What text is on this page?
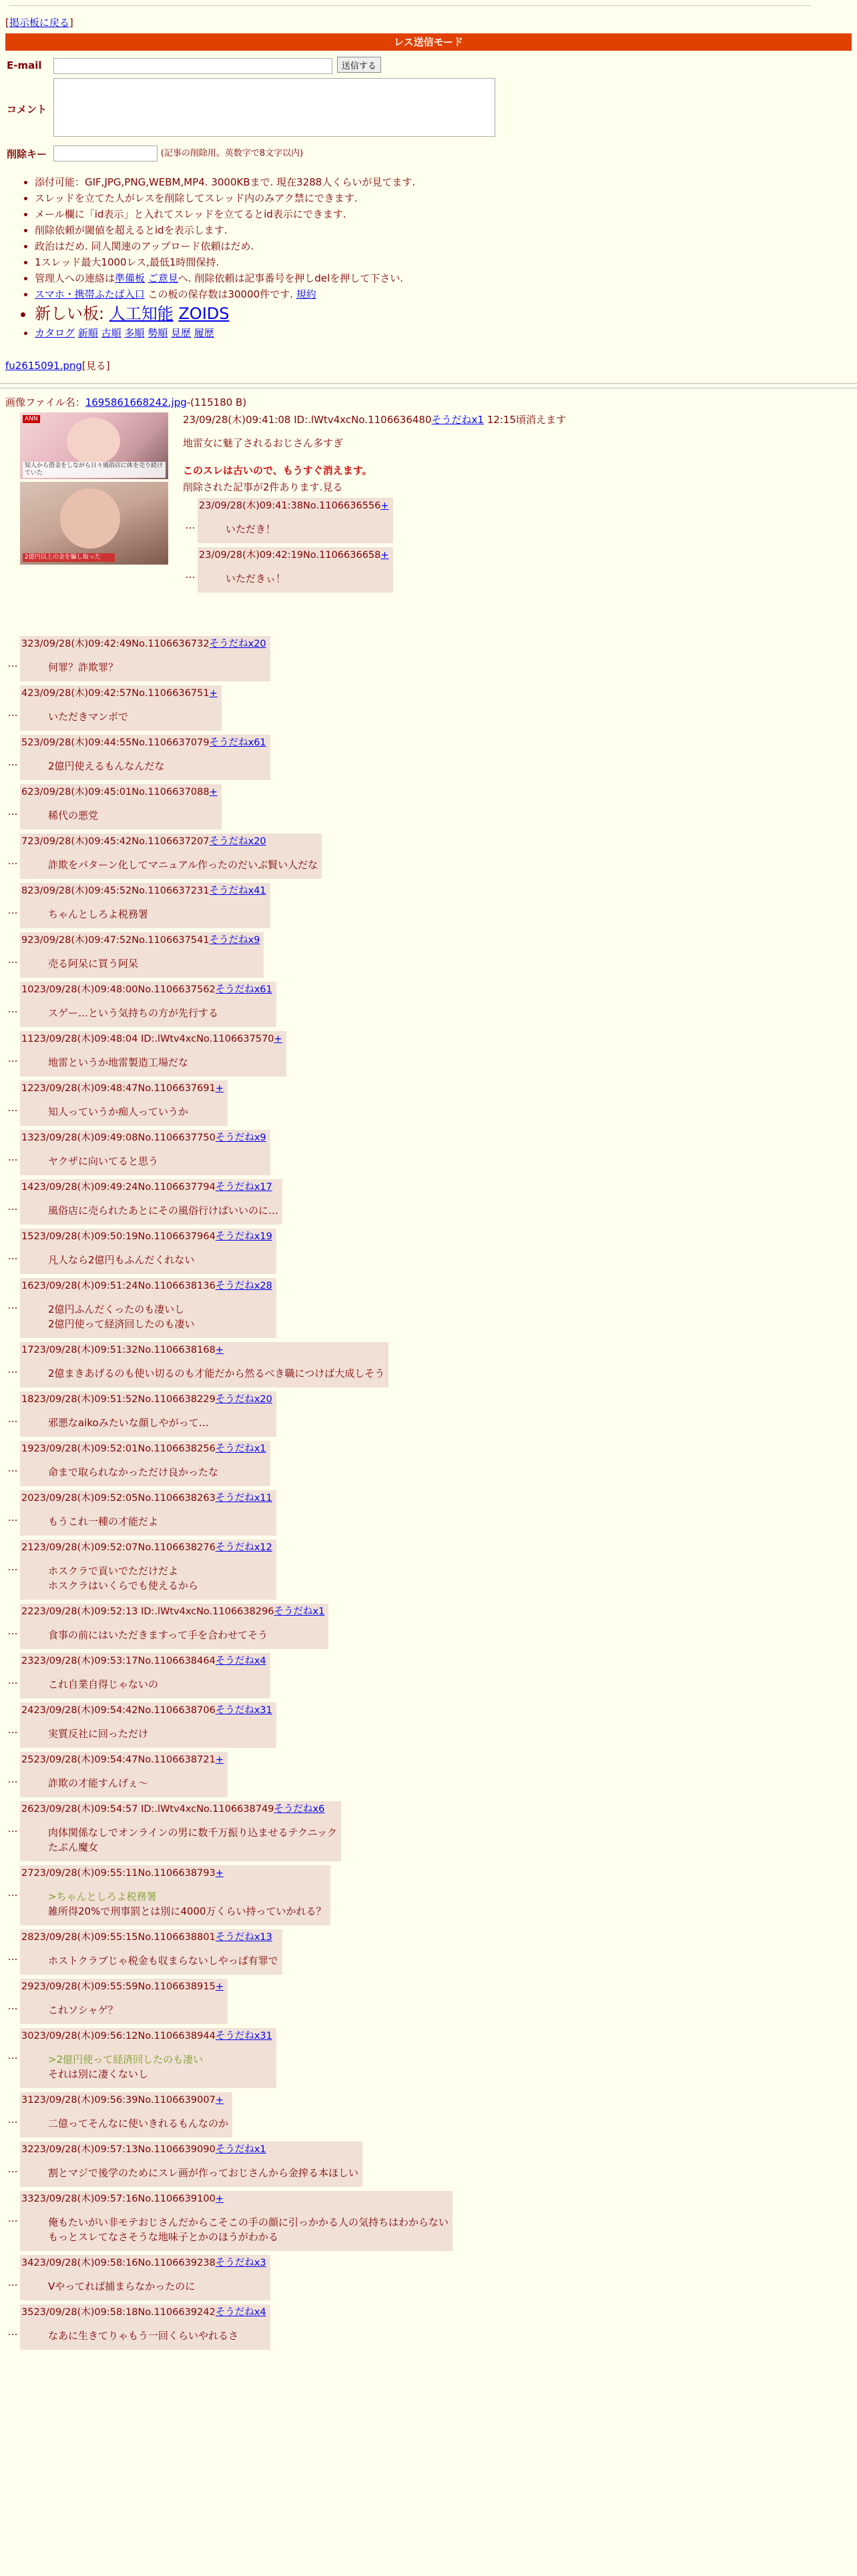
[掲示板に戻る]
レス送信モード
E-mail	送信する
コメント	
削除キー	(記事の削除用。英数字で8文字以内)
• 添付可能：GIF,JPG,PNG,WEBM,MP4. 3000KBまで. 現在3288人くらいが見てます.
• スレッドを立てた人がレスを削除してスレッド内のみアク禁にできます.
• メール欄に「id表示」と入れてスレッドを立てるとid表示にできます.
• 削除依頼が閾値を超えるとidを表示します.
• 政治はだめ. 同人関連のアップロード依頼はだめ.
• 1スレッド最大1000レス,最低1時間保持.
• 管理人への連絡は準備板 ご意見へ. 削除依頼は記事番号を押しdelを押して下さい.
• スマホ・携帯ふたば入口 この板の保存数は30000件です. 規約
• 新しい板: 人工知能 ZOIDS
• カタログ 新順 古順 多順 勢順 見歴 履歴
fu2615091.png[見る]
画像ファイル名：1695861668242.jpg-(115180 B)
ANN
知人から借金をしながら日々風俗店に体を売り続けていた
2億円以上の金を騙し取った
23/09/28(木)09:41:08 ID:.lWtv4xcNo.1106636480そうだねx1 12:15頃消えます
地雷女に魅了されるおじさん多すぎ
このスレは古いので、もうすぐ消えます。
削除された記事が2件あります.見る
…
23/09/28(木)09:41:38No.1106636556+
いただき！
…
23/09/28(木)09:42:19No.1106636658+
いただきぃ！
…
323/09/28(木)09:42:49No.1106636732そうだねx20
何罪？詐欺罪？
…
423/09/28(木)09:42:57No.1106636751+
いただきマンボで
…
523/09/28(木)09:44:55No.1106637079そうだねx61
2億円使えるもんなんだな
…
623/09/28(木)09:45:01No.1106637088+
稀代の悪党
…
723/09/28(木)09:45:42No.1106637207そうだねx20
詐欺をパターン化してマニュアル作ったのだいぶ賢い人だな
…
823/09/28(木)09:45:52No.1106637231そうだねx41
ちゃんとしろよ税務署
…
923/09/28(木)09:47:52No.1106637541そうだねx9
売る阿呆に買う阿呆
…
1023/09/28(木)09:48:00No.1106637562そうだねx61
スゲー…という気持ちの方が先行する
…
1123/09/28(木)09:48:04 ID:.lWtv4xcNo.1106637570+
地雷というか地雷製造工場だな
…
1223/09/28(木)09:48:47No.1106637691+
知人っていうか痴人っていうか
…
1323/09/28(木)09:49:08No.1106637750そうだねx9
ヤクザに向いてると思う
…
1423/09/28(木)09:49:24No.1106637794そうだねx17
風俗店に売られたあとにその風俗行けばいいのに…
…
1523/09/28(木)09:50:19No.1106637964そうだねx19
凡人なら2億円もふんだくれない
…
1623/09/28(木)09:51:24No.1106638136そうだねx28
2億円ふんだくったのも凄いし
2億円使って経済回したのも凄い
…
1723/09/28(木)09:51:32No.1106638168+
2億まきあげるのも使い切るのも才能だから然るべき職につけば大成しそう
…
1823/09/28(木)09:51:52No.1106638229そうだねx20
邪悪なaikoみたいな顔しやがって…
…
1923/09/28(木)09:52:01No.1106638256そうだねx1
命まで取られなかっただけ良かったな
…
2023/09/28(木)09:52:05No.1106638263そうだねx11
もうこれ一種の才能だよ
…
2123/09/28(木)09:52:07No.1106638276そうだねx12
ホスクラで貢いでただけだよ
ホスクラはいくらでも使えるから
…
2223/09/28(木)09:52:13 ID:.lWtv4xcNo.1106638296そうだねx1
食事の前にはいただきますって手を合わせてそう
…
2323/09/28(木)09:53:17No.1106638464そうだねx4
これ自業自得じゃないの
…
2423/09/28(木)09:54:42No.1106638706そうだねx31
実質反社に回っただけ
…
2523/09/28(木)09:54:47No.1106638721+
詐欺の才能すんげぇ～
…
2623/09/28(木)09:54:57 ID:.lWtv4xcNo.1106638749そうだねx6
肉体関係なしでオンラインの男に数千万振り込ませるテクニック
たぶん魔女
…
2723/09/28(木)09:55:11No.1106638793+
>ちゃんとしろよ税務署
雑所得20%で刑事罰とは別に4000万くらい持っていかれる？
…
2823/09/28(木)09:55:15No.1106638801そうだねx13
ホストクラブじゃ税金も収まらないしやっぱ有罪で
…
2923/09/28(木)09:55:59No.1106638915+
これソシャゲ？
…
3023/09/28(木)09:56:12No.1106638944そうだねx31
>2億円使って経済回したのも凄い
それは別に凄くないし
…
3123/09/28(木)09:56:39No.1106639007+
二億ってそんなに使いきれるもんなのか
…
3223/09/28(木)09:57:13No.1106639090そうだねx1
割とマジで後学のためにスレ画が作っておじさんから金搾る本ほしい
…
3323/09/28(木)09:57:16No.1106639100+
俺もたいがい非モテおじさんだからこそこの手の顔に引っかかる人の気持ちはわからない
もっとスレてなさそうな地味子とかのほうがわかる
…
3423/09/28(木)09:58:16No.1106639238そうだねx3
Vやってれば捕まらなかったのに
…
3523/09/28(木)09:58:18No.1106639242そうだねx4
なあに生きてりゃもう一回くらいやれるさ
